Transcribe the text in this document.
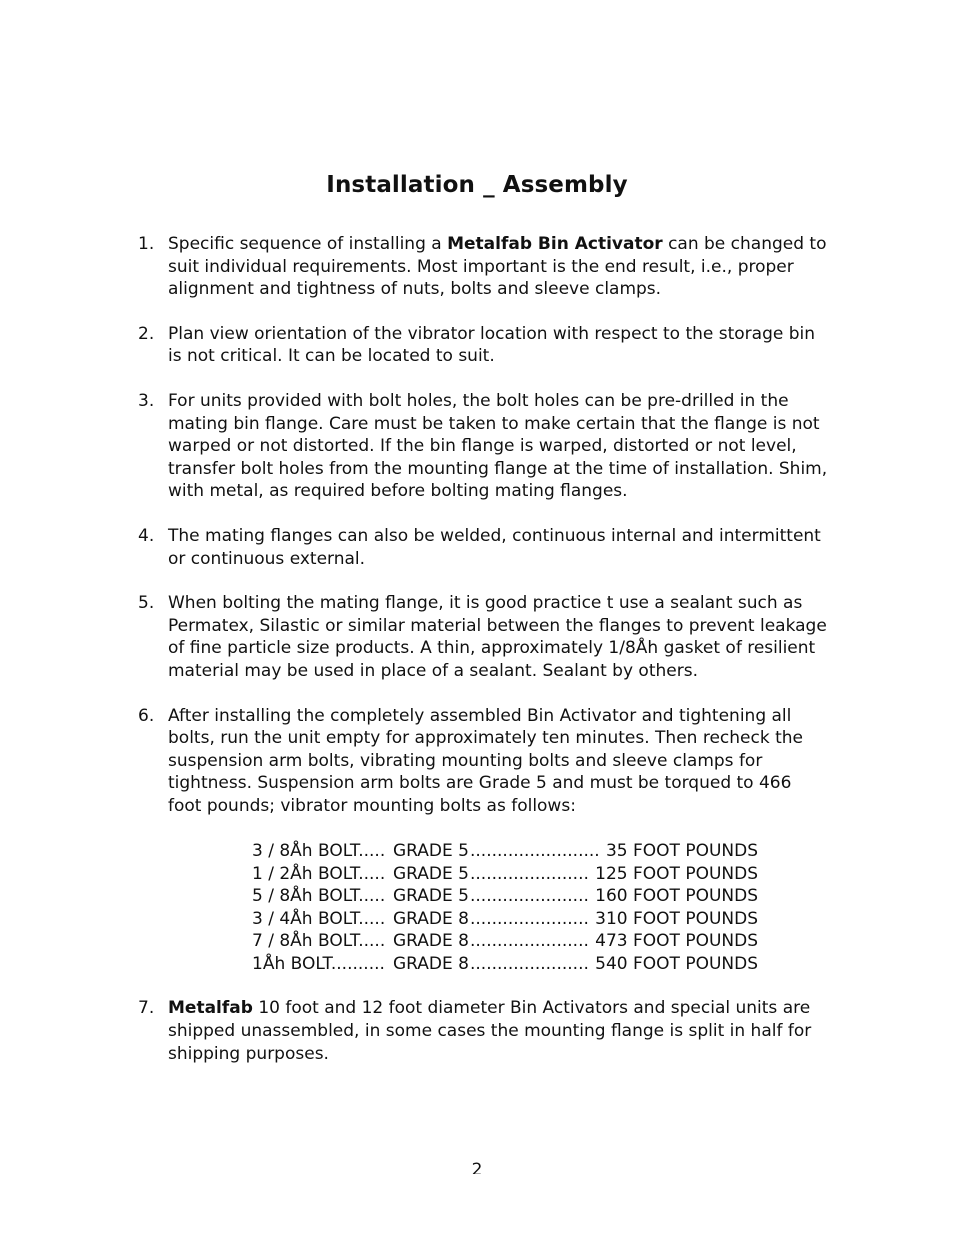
Installation _ Assembly
1. Specific sequence of installing a Metalfab Bin Activator can be changed to suit individual requirements. Most important is the end result, i.e., proper alignment and tightness of nuts, bolts and sleeve clamps.

2. Plan view orientation of the vibrator location with respect to the storage bin is not critical. It can be located to suit.

3. For units provided with bolt holes, the bolt holes can be pre-drilled in the mating bin flange. Care must be taken to make certain that the flange is not warped or not distorted. If the bin flange is warped, distorted or not level, transfer bolt holes from the mounting flange at the time of installation. Shim, with metal, as required before bolting mating flanges.

4. The mating flanges can also be welded, continuous internal and intermittent or continuous external.

5. When bolting the mating flange, it is good practice t use a sealant such as Permatex, Silastic or similar material between the flanges to prevent leakage of fine particle size products. A thin, approximately 1/8Åh gasket of resilient material may be used in place of a sealant. Sealant by others.

6. After installing the completely assembled Bin Activator and tightening all bolts, run the unit empty for approximately ten minutes. Then recheck the suspension arm bolts, vibrating mounting bolts and sleeve clamps for tightness. Suspension arm bolts are Grade 5 and must be torqued to 466 foot pounds; vibrator mounting bolts as follows:

3 / 8Åh BOLT..... GRADE 5 ........................ 35 FOOT POUNDS
1 / 2Åh BOLT..... GRADE 5 ...................... 125 FOOT POUNDS
5 / 8Åh BOLT..... GRADE 5 ...................... 160 FOOT POUNDS
3 / 4Åh BOLT..... GRADE 8 ...................... 310 FOOT POUNDS
7 / 8Åh BOLT..... GRADE 8 ...................... 473 FOOT POUNDS
1Åh BOLT.......... GRADE 8 ...................... 540 FOOT POUNDS
7. Metalfab 10 foot and 12 foot diameter Bin Activators and special units are shipped unassembled, in some cases the mounting flange is split in half for shipping purposes.

2
